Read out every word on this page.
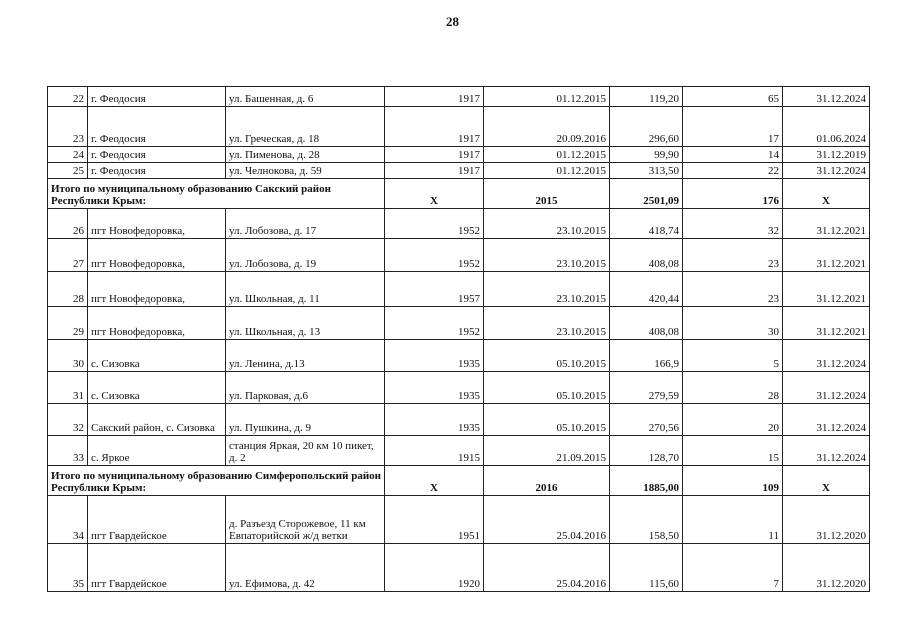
28
22	г. Феодосия	ул. Башенная, д. 6	1917	01.12.2015	119,20	65	31.12.2024
23	г. Феодосия	ул. Греческая, д. 18	1917	20.09.2016	296,60	17	01.06.2024
24	г. Феодосия	ул. Пименова, д. 28	1917	01.12.2015	99,90	14	31.12.2019
25	г. Феодосия	ул. Челнокова, д. 59	1917	01.12.2015	313,50	22	31.12.2024
Итого по муниципальному образованию Сакский район Республики Крым:			X	2015	2501,09	176	X
26	пгт Новофедоровка,	ул. Лобозова, д. 17	1952	23.10.2015	418,74	32	31.12.2021
27	пгт Новофедоровка,	ул. Лобозова, д. 19	1952	23.10.2015	408,08	23	31.12.2021
28	пгт Новофедоровка,	ул. Школьная, д. 11	1957	23.10.2015	420,44	23	31.12.2021
29	пгт Новофедоровка,	ул. Школьная, д. 13	1952	23.10.2015	408,08	30	31.12.2021
30	с. Сизовка	ул. Ленина, д.13	1935	05.10.2015	166,9	5	31.12.2024
31	с. Сизовка	ул. Парковая, д.6	1935	05.10.2015	279,59	28	31.12.2024
32	Сакский район, с. Сизовка	ул. Пушкина, д. 9	1935	05.10.2015	270,56	20	31.12.2024
33	с. Яркое	станция Яркая, 20 км 10 пикет, д. 2	1915	21.09.2015	128,70	15	31.12.2024
Итого по муниципальному образованию Симферопольский район Республики Крым:			X	2016	1885,00	109	X
34	пгт Гвардейское	д. Разъезд Сторожевое, 11 км Евпаторийской ж/д ветки	1951	25.04.2016	158,50	11	31.12.2020
35	пгт Гвардейское	ул. Ефимова, д. 42	1920	25.04.2016	115,60	7	31.12.2020
